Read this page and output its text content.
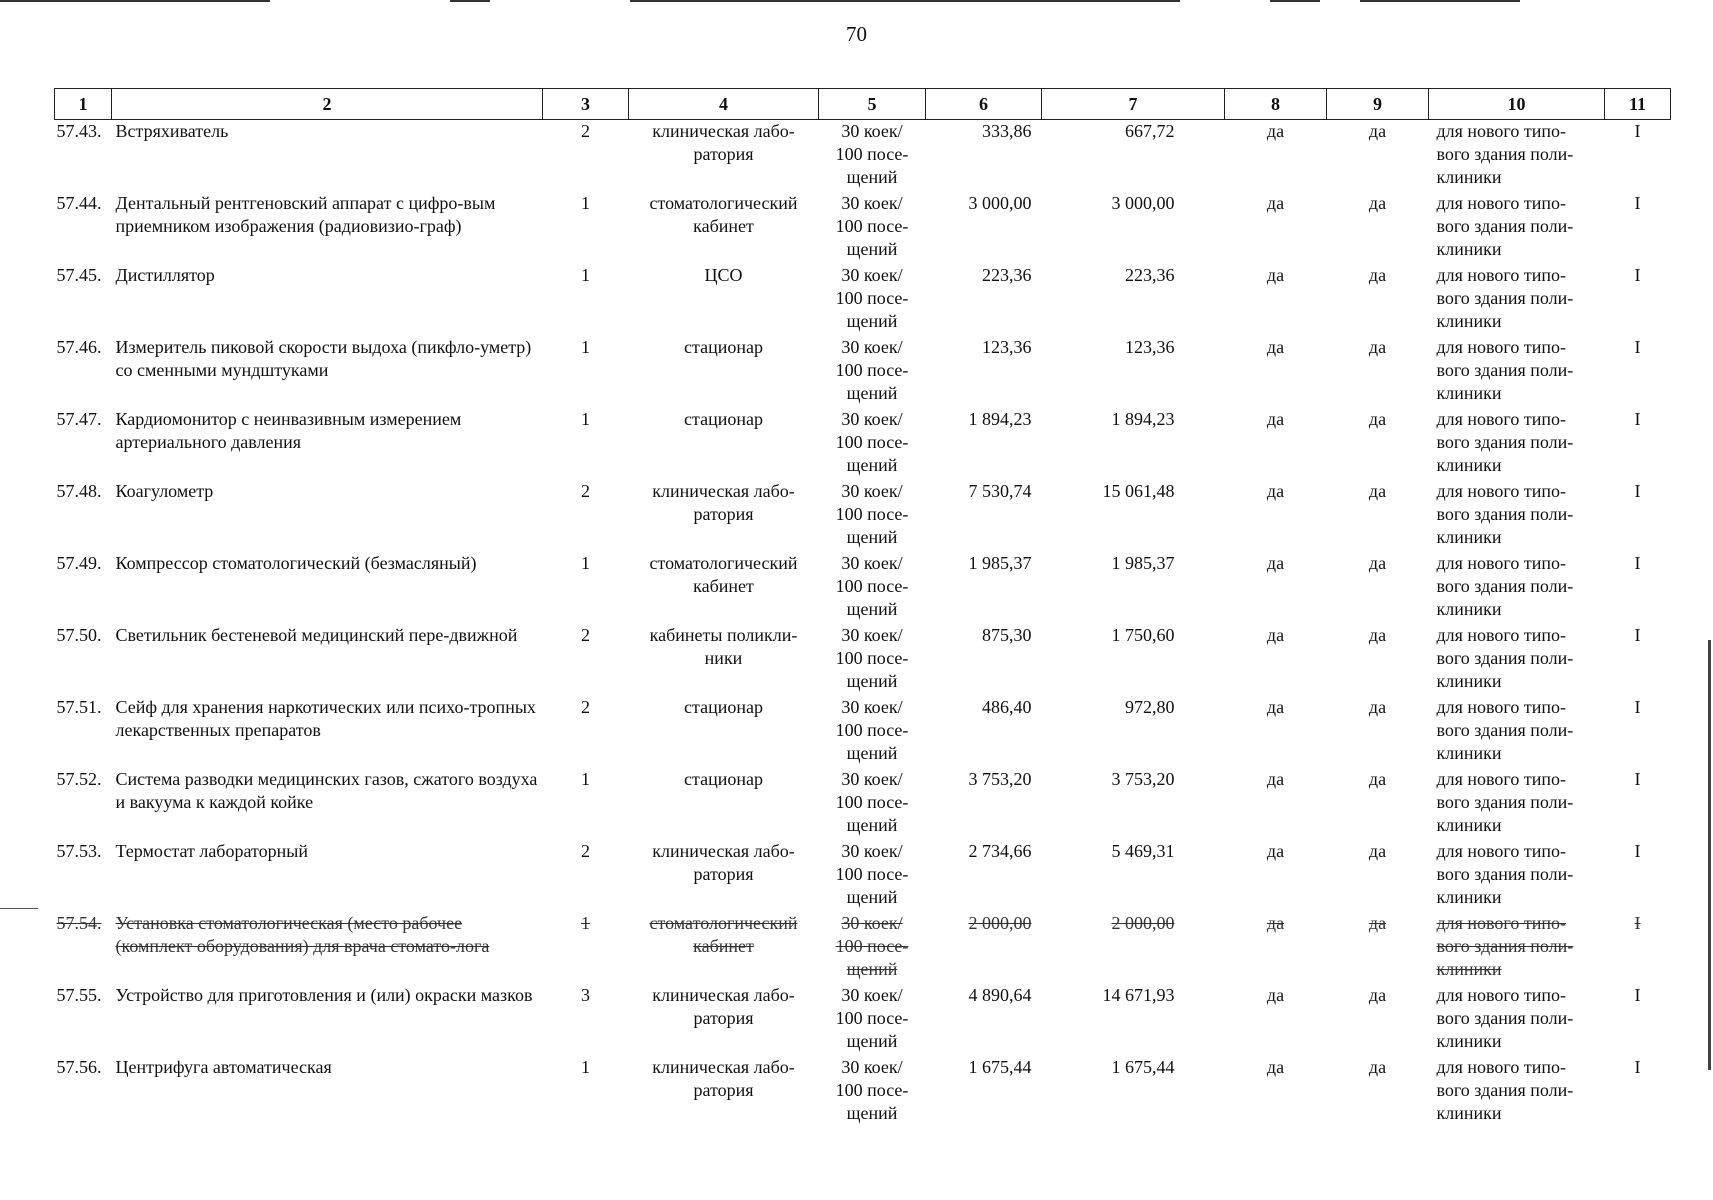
70
1	2	3	4	5	6	7	8	9	10	11
57.43.	Встряхиватель	2	клиническая лабо-ратория	30 коек/
100 посе-
щений	333,86	667,72	да	да	для нового типо-
вого здания поли-
клиники	I
57.44.	Дентальный рентгеновский аппарат с цифро-вым приемником изображения (радиовизио-граф)	1	стоматологический кабинет	30 коек/
100 посе-
щений	3 000,00	3 000,00	да	да	для нового типо-
вого здания поли-
клиники	I
57.45.	Дистиллятор	1	ЦСО	30 коек/
100 посе-
щений	223,36	223,36	да	да	для нового типо-
вого здания поли-
клиники	I
57.46.	Измеритель пиковой скорости выдоха (пикфло-уметр) со сменными мундштуками	1	стационар	30 коек/
100 посе-
щений	123,36	123,36	да	да	для нового типо-
вого здания поли-
клиники	I
57.47.	Кардиомонитор с неинвазивным измерением артериального давления	1	стационар	30 коек/
100 посе-
щений	1 894,23	1 894,23	да	да	для нового типо-
вого здания поли-
клиники	I
57.48.	Коагулометр	2	клиническая лабо-ратория	30 коек/
100 посе-
щений	7 530,74	15 061,48	да	да	для нового типо-
вого здания поли-
клиники	I
57.49.	Компрессор стоматологический (безмасляный)	1	стоматологический кабинет	30 коек/
100 посе-
щений	1 985,37	1 985,37	да	да	для нового типо-
вого здания поли-
клиники	I
57.50.	Светильник бестеневой медицинский пере-движной	2	кабинеты поликли-ники	30 коек/
100 посе-
щений	875,30	1 750,60	да	да	для нового типо-
вого здания поли-
клиники	I
57.51.	Сейф для хранения наркотических или психо-тропных лекарственных препаратов	2	стационар	30 коек/
100 посе-
щений	486,40	972,80	да	да	для нового типо-
вого здания поли-
клиники	I
57.52.	Система разводки медицинских газов, сжатого воздуха и вакуума к каждой койке	1	стационар	30 коек/
100 посе-
щений	3 753,20	3 753,20	да	да	для нового типо-
вого здания поли-
клиники	I
57.53.	Термостат лабораторный	2	клиническая лабо-ратория	30 коек/
100 посе-
щений	2 734,66	5 469,31	да	да	для нового типо-
вого здания поли-
клиники	I
57.54.	Установка стоматологическая (место рабочее (комплект оборудования) для врача стомато-лога	1	стоматологический кабинет	30 коек/
100 посе-
щений	2 000,00	2 000,00	да	да	для нового типо-
вого здания поли-
клиники	I
57.55.	Устройство для приготовления и (или) окраски мазков	3	клиническая лабо-ратория	30 коек/
100 посе-
щений	4 890,64	14 671,93	да	да	для нового типо-
вого здания поли-
клиники	I
57.56.	Центрифуга автоматическая	1	клиническая лабо-ратория	30 коек/
100 посе-
щений	1 675,44	1 675,44	да	да	для нового типо-
вого здания поли-
клиники	I
